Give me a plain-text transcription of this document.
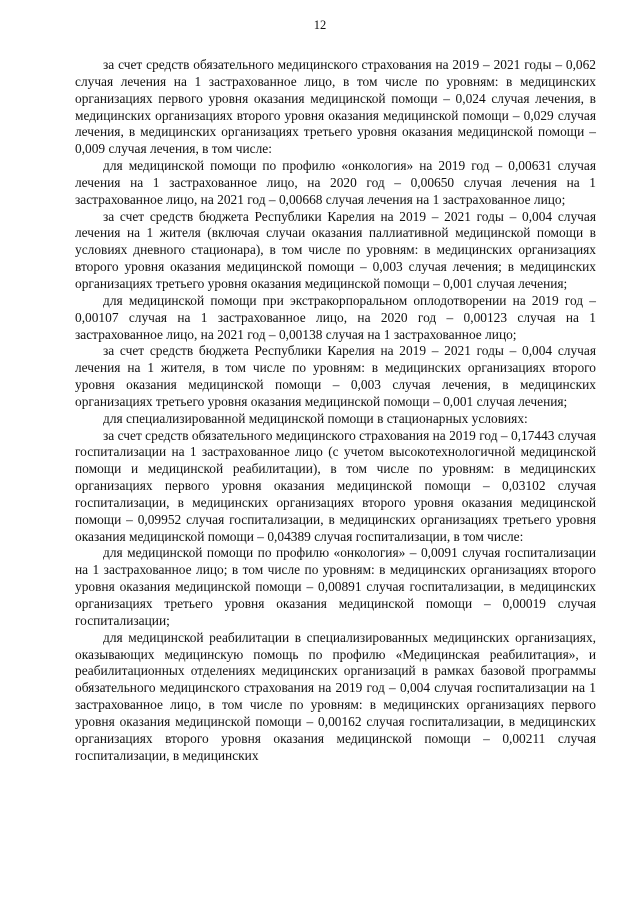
12

за счет средств обязательного медицинского страхования на 2019 – 2021 годы – 0,062 случая лечения на 1 застрахованное лицо, в том числе по уровням: в медицинских организациях первого уровня оказания медицинской помощи – 0,024 случая лечения, в медицинских организациях второго уровня оказания медицинской помощи – 0,029 случая лечения, в медицинских организациях третьего уровня оказания медицинской помощи – 0,009 случая лечения, в том числе:

для медицинской помощи по профилю «онкология» на 2019 год – 0,00631 случая лечения на 1 застрахованное лицо, на 2020 год – 0,00650 случая лечения на 1 застрахованное лицо, на 2021 год – 0,00668 случая лечения на 1 застрахованное лицо;

за счет средств бюджета Республики Карелия на 2019 – 2021 годы – 0,004 случая лечения на 1 жителя (включая случаи оказания паллиативной медицинской помощи в условиях дневного стационара), в том числе по уровням: в медицинских организациях второго уровня оказания медицинской помощи – 0,003 случая лечения; в медицинских организациях третьего уровня оказания медицинской помощи – 0,001 случая лечения;

для медицинской помощи при экстракорпоральном оплодотворении на 2019 год – 0,00107 случая на 1 застрахованное лицо, на 2020 год – 0,00123 случая на 1 застрахованное лицо, на 2021 год – 0,00138 случая на 1 застрахованное лицо;

за счет средств бюджета Республики Карелия на 2019 – 2021 годы – 0,004 случая лечения на 1 жителя, в том числе по уровням: в медицинских организациях второго уровня оказания медицинской помощи – 0,003 случая лечения, в медицинских организациях третьего уровня оказания медицинской помощи – 0,001 случая лечения;

для специализированной медицинской помощи в стационарных условиях:

за счет средств обязательного медицинского страхования на 2019 год – 0,17443 случая госпитализации на 1 застрахованное лицо (с учетом высокотехнологичной медицинской помощи и медицинской реабилитации), в том числе по уровням: в медицинских организациях первого уровня оказания медицинской помощи – 0,03102 случая госпитализации, в медицинских организациях второго уровня оказания медицинской помощи – 0,09952 случая госпитализации, в медицинских организациях третьего уровня оказания медицинской помощи – 0,04389 случая госпитализации, в том числе:

для медицинской помощи по профилю «онкология» – 0,0091 случая госпитализации на 1 застрахованное лицо; в том числе по уровням: в медицинских организациях второго уровня оказания медицинской помощи – 0,00891 случая госпитализации, в медицинских организациях третьего уровня оказания медицинской помощи – 0,00019 случая госпитализации;

для медицинской реабилитации в специализированных медицинских организациях, оказывающих медицинскую помощь по профилю «Медицинская реабилитация», и реабилитационных отделениях медицинских организаций в рамках базовой программы обязательного медицинского страхования на 2019 год – 0,004 случая госпитализации на 1 застрахованное лицо, в том числе по уровням: в медицинских организациях первого уровня оказания медицинской помощи – 0,00162 случая госпитализации, в медицинских организациях второго уровня оказания медицинской помощи – 0,00211 случая госпитализации, в медицинских
